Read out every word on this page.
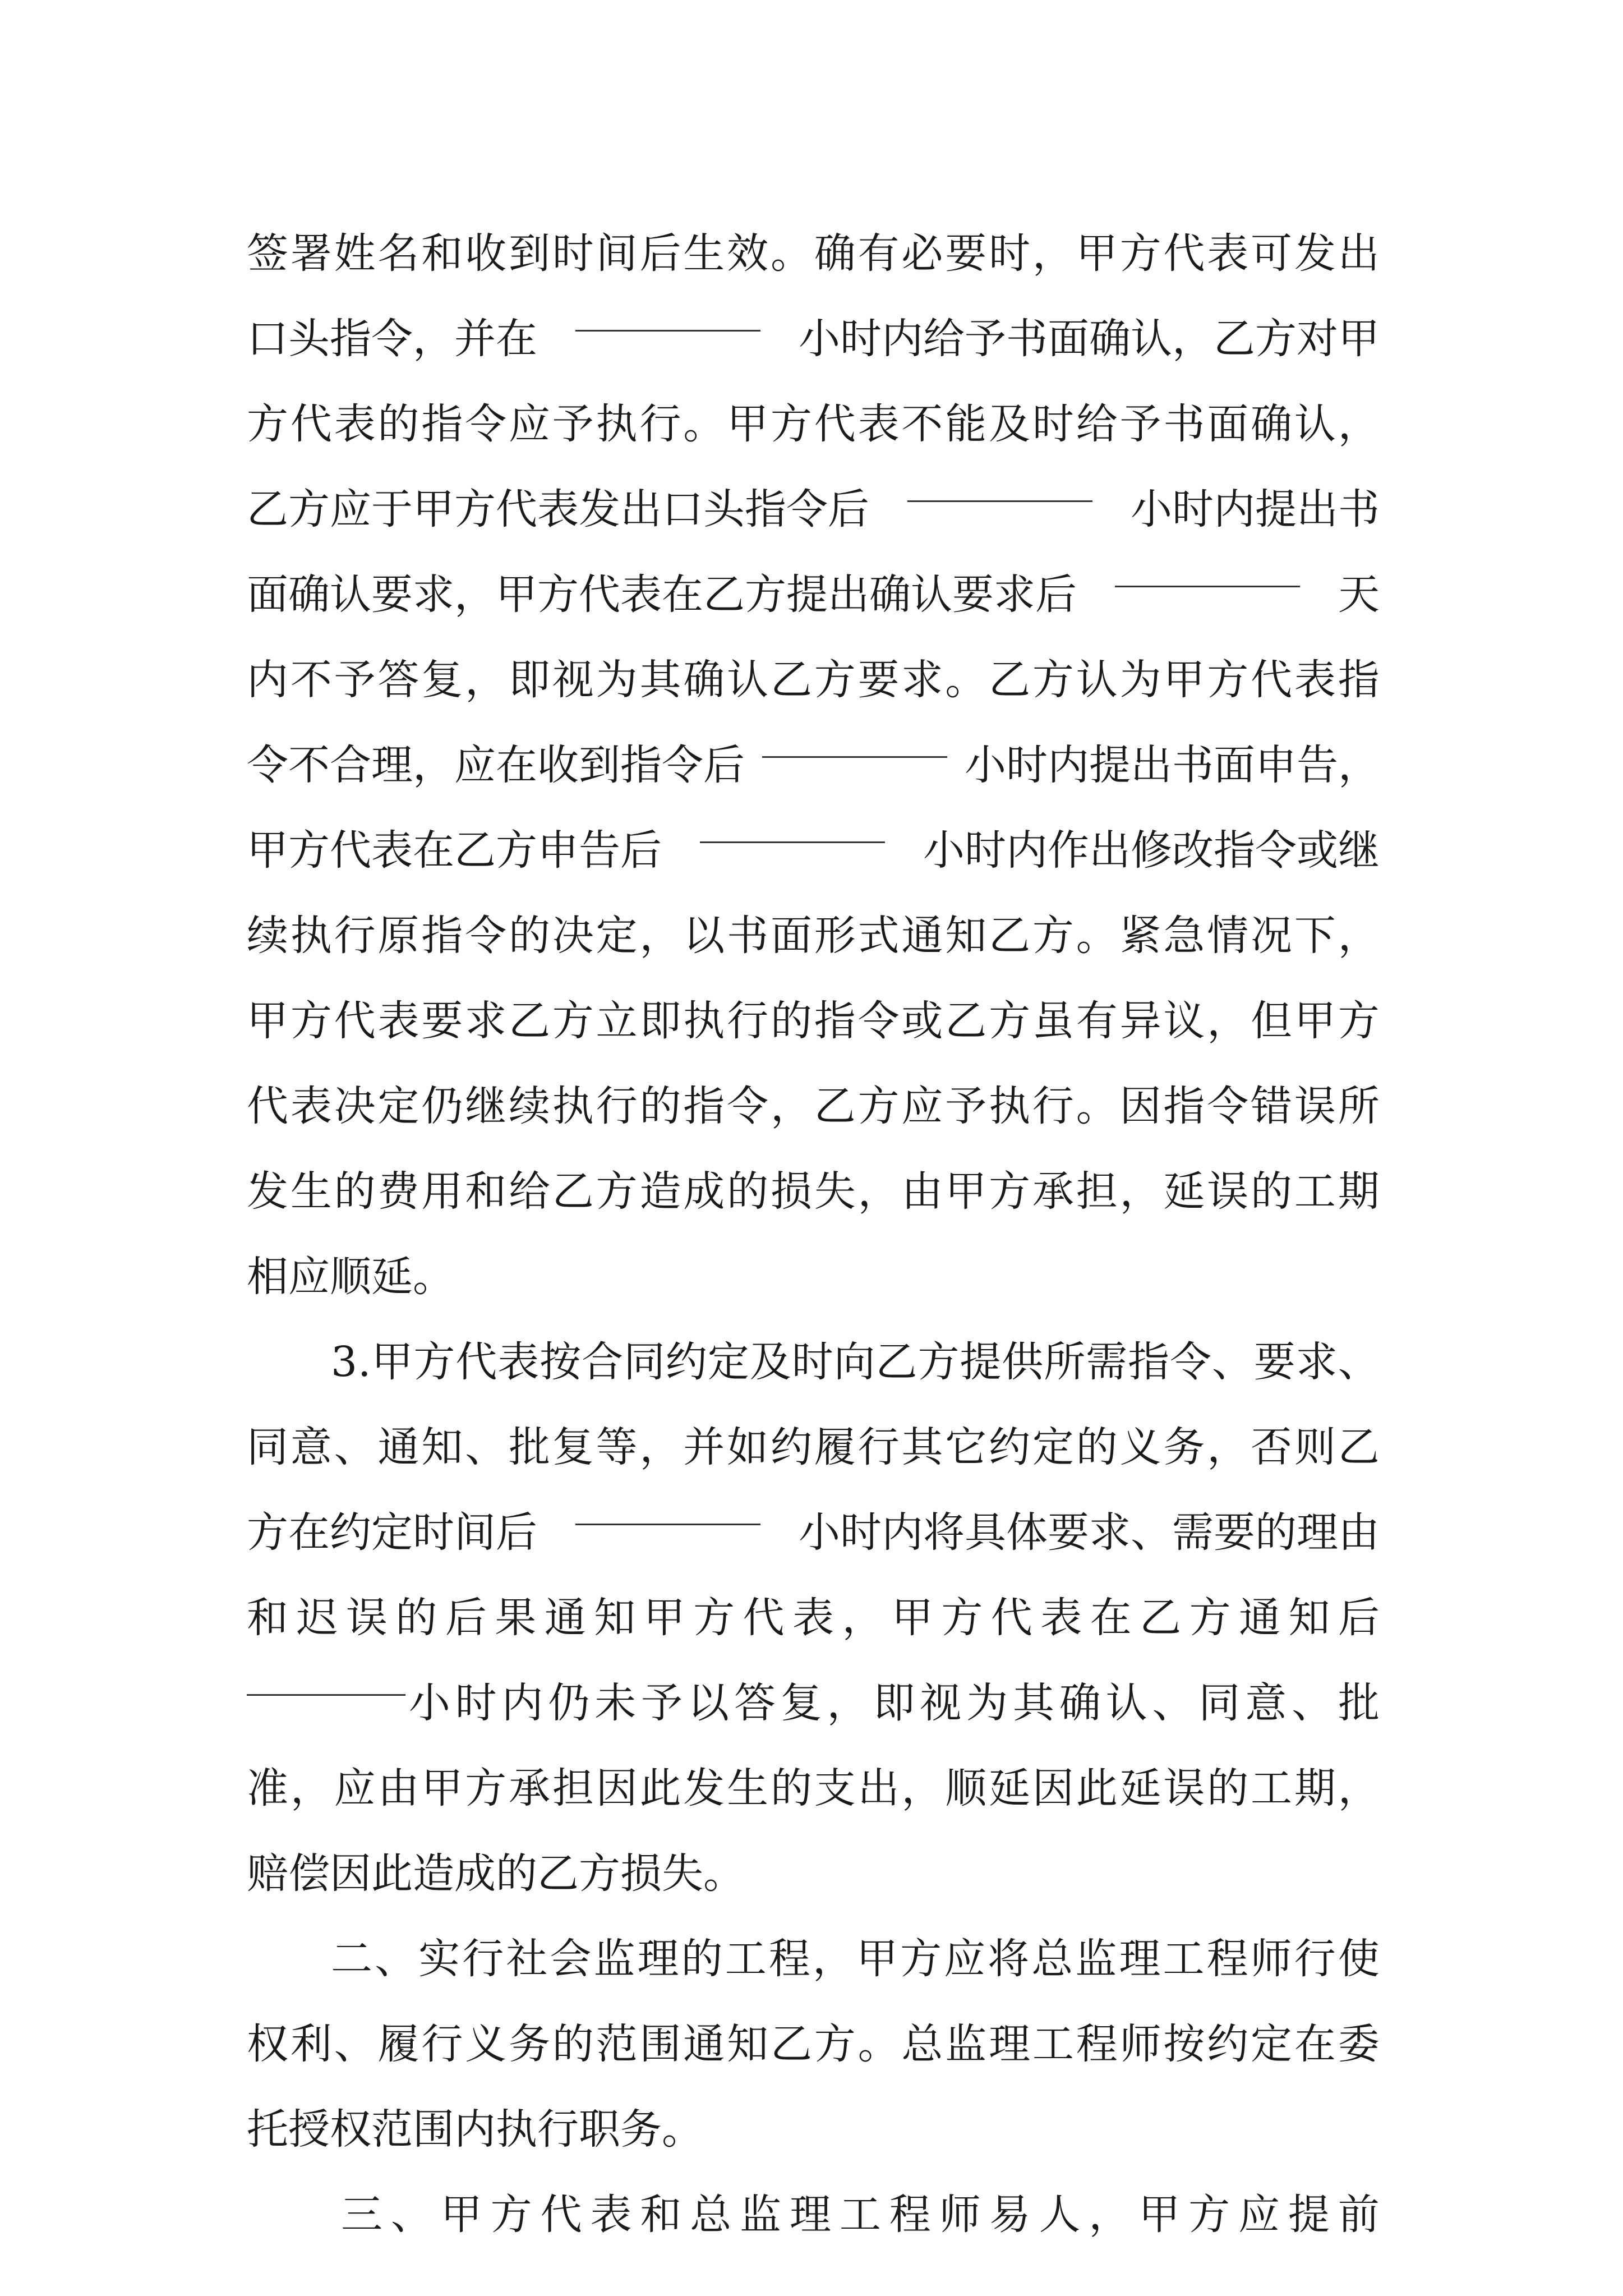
签 署 姓 名 和 收 到 时 间 后 生 效 。 确 有 必 要 时 ， 甲 方 代 表 可 发 出
口头指令，并在	小时内给予书面确认，乙方对甲
方 代 表 的 指 令 应 予 执 行 。 甲 方 代 表 不 能 及 时 给 予 书 面 确 认 ，
乙方应于甲方代表发出口头指令后	小时内提出书
面确认要求，甲方代表在乙方提出确认要求后	天
内 不 予 答 复 ， 即 视 为 其 确 认 乙 方 要 求 。 乙 方 认 为 甲 方 代 表 指
令不合理，应在收到指令后	小时内提出书面申告，
甲方代表在乙方申告后	小时内作出修改指令或继
续 执 行 原 指 令 的 决 定 ， 以 书 面 形 式 通 知 乙 方 。 紧 急 情 况 下 ，
甲 方 代 表 要 求 乙 方 立 即 执 行 的 指 令 或 乙 方 虽 有 异 议 ， 但 甲 方
代 表 决 定 仍 继 续 执 行 的 指 令 ， 乙 方 应 予 执 行 。 因 指 令 错 误 所
发 生 的 费 用 和 给 乙 方 造 成 的 损 失 ， 由 甲 方 承 担 ， 延 误 的 工 期
相应顺延。
3 . 甲 方 代 表 按 合 同 约 定 及 时 向 乙 方 提 供 所 需 指 令 、 要 求 、
同 意 、 通 知 、 批 复 等 ， 并 如 约 履 行 其 它 约 定 的 义 务 ， 否 则 乙
方在约定时间后	小时内将具体要求、需要的理由
和 迟 误 的 后 果 通 知 甲 方 代 表 ， 甲 方 代 表 在 乙 方 通 知 后
小 时 内 仍 未 予 以 答 复 ， 即 视 为 其 确 认 、 同 意 、 批
准 ， 应 由 甲 方 承 担 因 此 发 生 的 支 出 ， 顺 延 因 此 延 误 的 工 期 ，
赔偿因此造成的乙方损失。
二 、 实 行 社 会 监 理 的 工 程 ， 甲 方 应 将 总 监 理 工 程 师 行 使
权 利 、 履 行 义 务 的 范 围 通 知 乙 方 。 总 监 理 工 程 师 按 约 定 在 委
托授权范围内执行职务。
三 、 甲 方 代 表 和 总 监 理 工 程 师 易 人 ， 甲 方 应 提 前
